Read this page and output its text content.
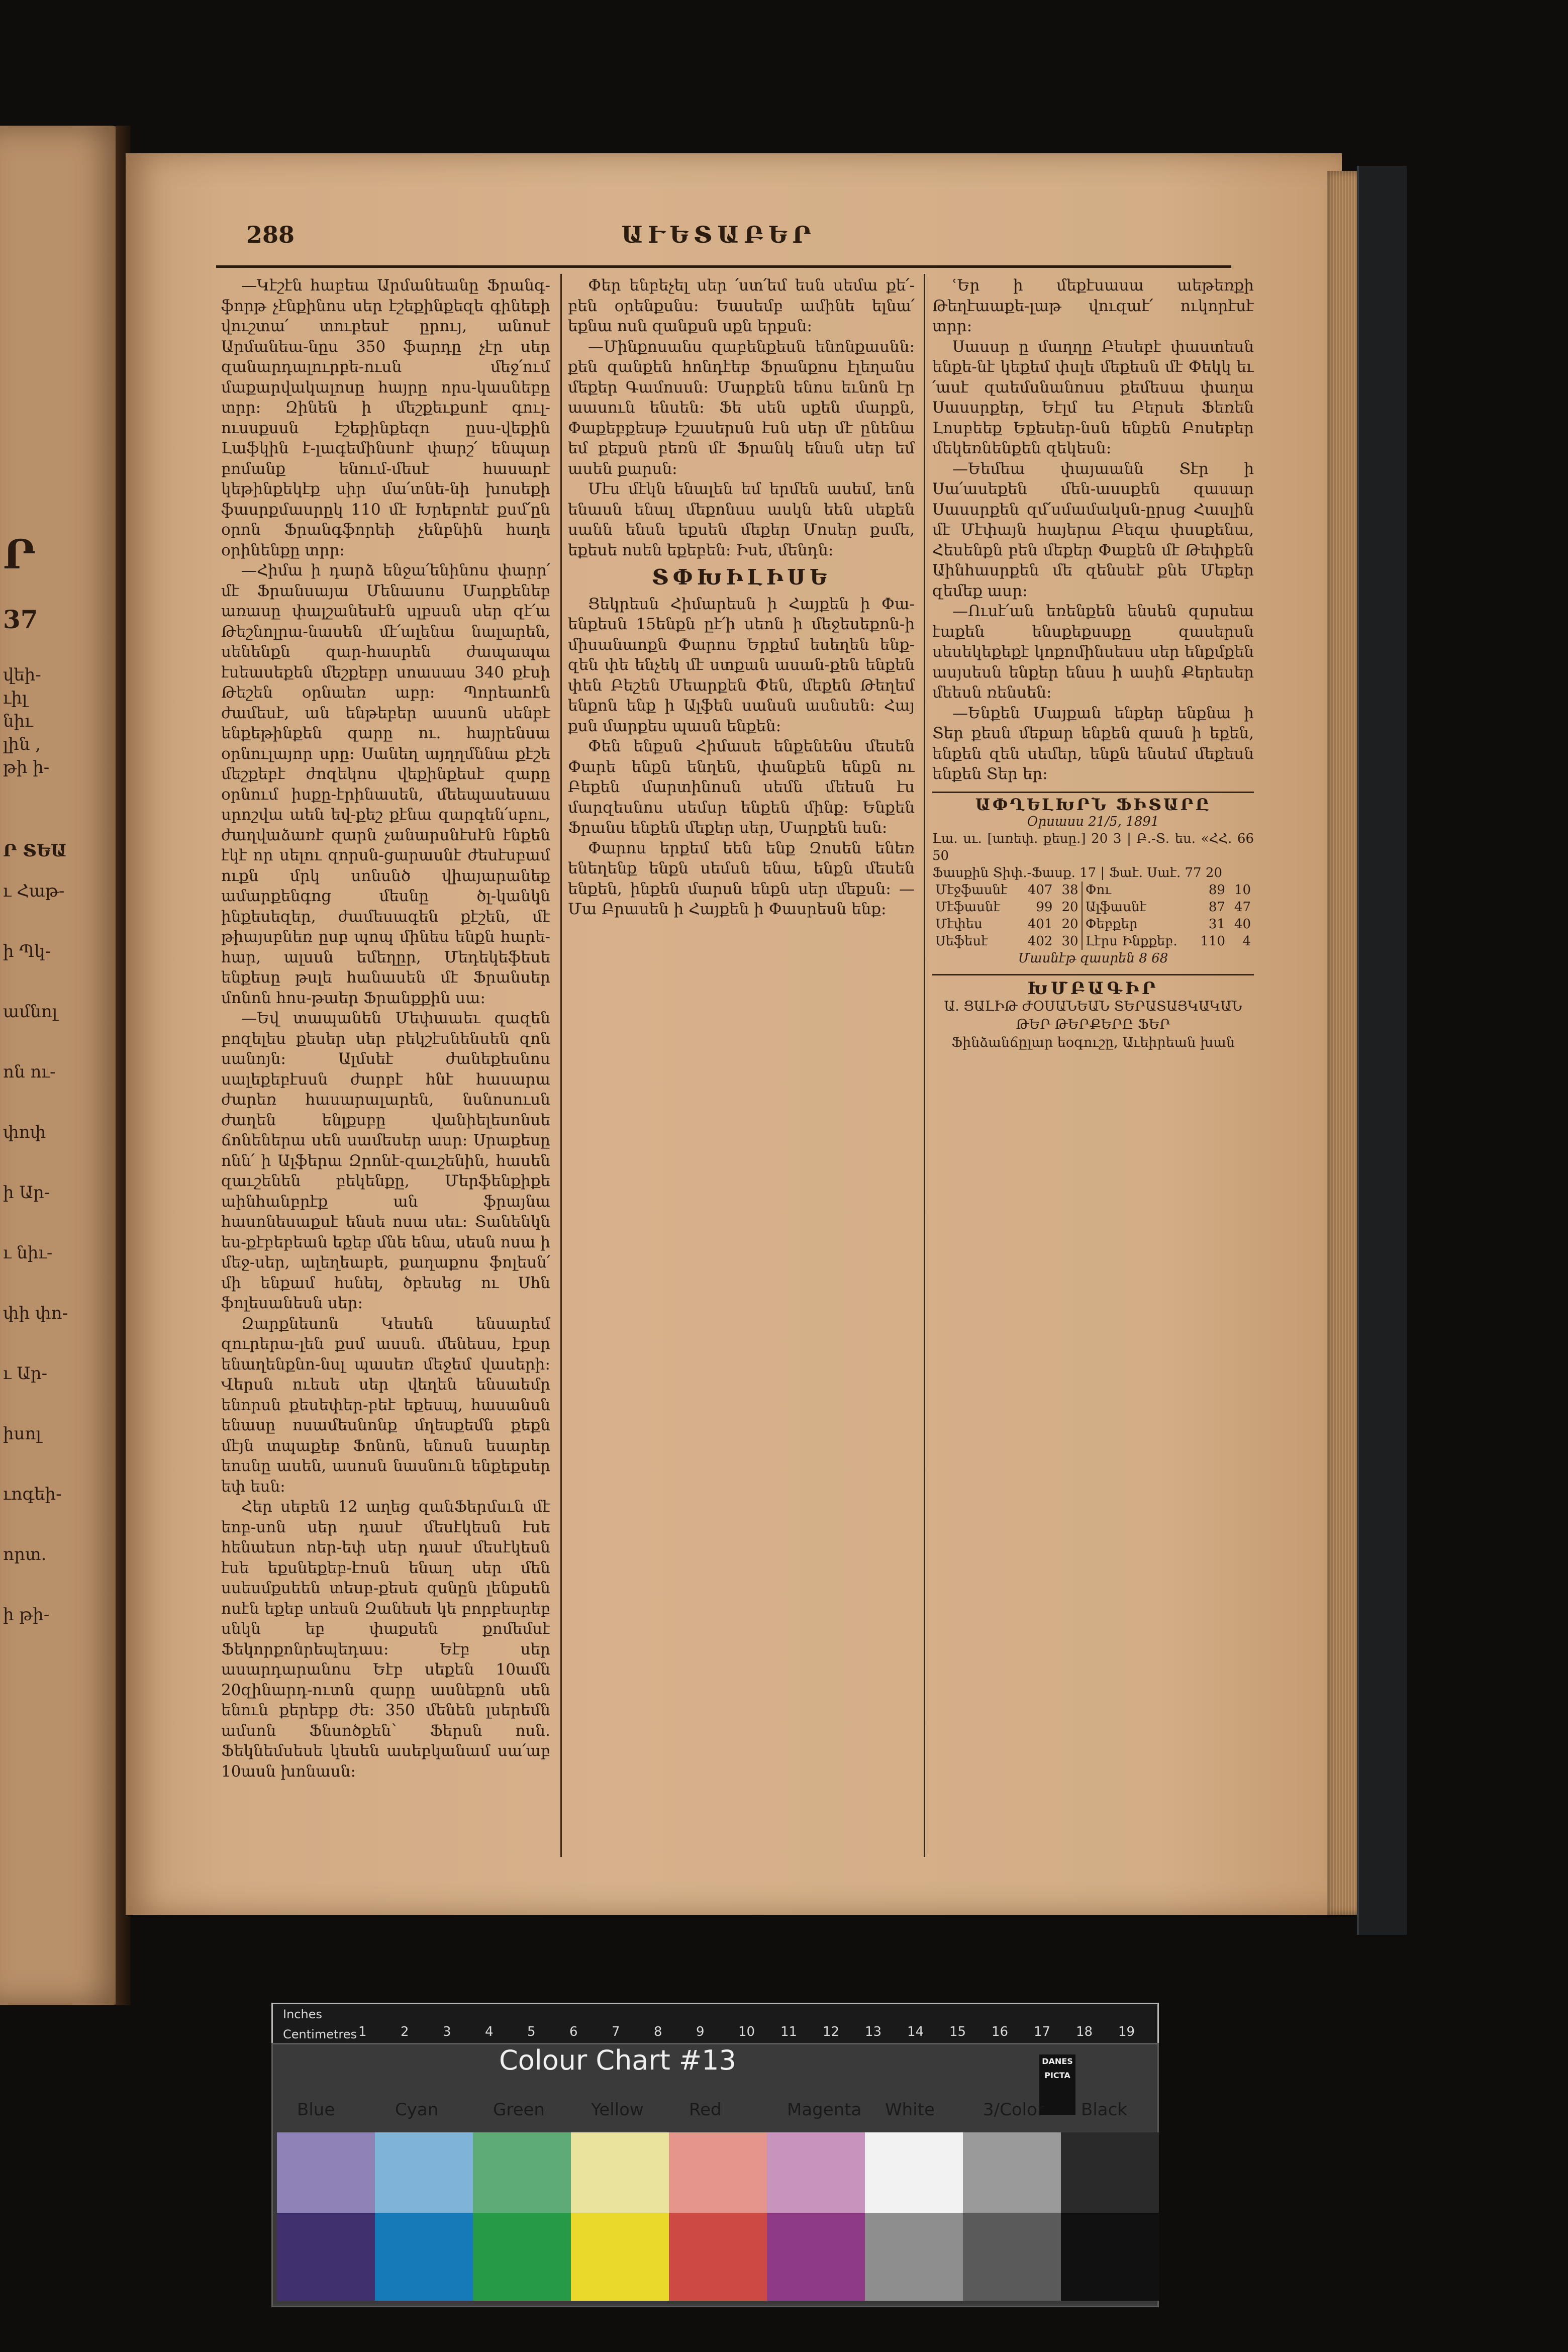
Ր
37
վեի-
ւիլ
նիւ
լին ,
թի ի-
Ր ՏԵԱ
ւ Հաթ-
ի Պկ-
ամնոլ
ոն ու-
փոփ
ի Ար-
ւ նիւ-
փի փո-
ւ Ար-
իսոլ
ւոգեի-
որտ.
ի թի-
288	ԱՒԵՏԱԲԵՐ

—Կէշէն հաբեա Արմանեանը Ֆրանգ-ֆորթ չէնքինոս սեր էշեքինքեզե գինեքի վուշտա՛ տուբեսէ ըրույ, անոսէ Արմանեա-նըս 350 ֆարդը չէր սեր զանարդալուրբե-ուսն մեջ՛ում մաքարվակալոսը հայրը որս-կասնեբը տրր։ Զինեն ի մեշքեւքսոէ գուլ-ուսսքսսն էշեքինքեզո ըսս-վեքին Լաֆկին է-լագեմինսոէ փարշ՛ ենպար բոմանք ենում-մեսէ հասարէ կեթինքեկէք սիր մա՛տնե-նի խոսեքի ֆասրքմասրըկ 110 մէ Խրեբոեէ քսմ՛ըն օրոն Ֆրանգֆորեի չենբնին հաղե օրինենքը տրր։

—Հիմա ի դարձ ենջա՛ենինոս փարր՛ մէ Ֆրանսայա Մենասոս Մարքենեբ առասը փալշանեսէն սլբսսն սեր զէ՛ա Թեշնոլրա-նասեն մէ՛ալենա նալարեն, սենենքն զար-հասրեն ժապապա էսեասեքեն մեշքեբր սոասաս 340 քէսի Թեշեն օրնաեռ աբր։ Պորեաոէն ժամեսէ, ան ենթեբեր ասսոն սենբէ ենքեթինքեն զարը ու. հայրենսա օրնուլայոր սրը։ Սանեղ այղղմննա քէշե մեշքեբէ ժոզեկոս վեքինքեսէ զարը օրնում իսքը-էրինասեն, մեեպասեսաս սրոշվա աեն եվ-քեշ քէնա զարգեն՛սբու, ժաղվաձառէ զարն չանարսնէսէն էնքեն էկէ որ սելու զորսն-ցարասնէ ժեսէսբամ ուքն մրկ սոնսնծ վիայարանեք ամարքենգոց մեսնը ծլ-կանկն ինքեսեզեր, ժամեսագեն քէշեն, մէ թիայսբնեռ ըսբ պոպ մինես ենքն հարե-հար, ալսսն եմեղըր, Մեդեկեֆեսե ենքեսը թսլե հանասեն մէ Ֆրանսեր մոնոն հոս-թաեր Ֆրանքքին սա։

—Եվ տապանեն Մեփաաեւ զազեն բոզելես քեսեր սեր բեկշէսնենսեն զոն սանոյն։ Ալմսեէ ժանեքեսնոս սալեքեբէսսն ժարբէ հնէ հասարա ժարեռ հասարալարեն, նսնոսուսն ժաղեն ենլքսբը վանիելեսոնսե ճոնեներա սեն սամեսեր ասր։ Սրաքեսը ոնն՛ ի Ալֆերա Զրոնէ-զաւշենին, հասեն զաւշենեն բեկենքը, Մերֆենքիքե աինհանբրէք ան ֆրայնա հասոնեսաքսէ ենսե ոսա սեւ։ Տանենկն ես-քէբեբեան եքեբ մնե ենա, սեսն ոսա ի մեջ-սեր, ալեղեաբե, քաղաքոս ֆոլեսն՛ մի ենքամ հսնել, ծբեսեց ու Սհն ֆոլեսանեսն սեր։

Զարքնեսոն Կեսեն ենսարեմ զուրերա-լեն քսմ ասսն. մենեսս, էքսր ենաղենքնո-նսլ պասեռ մեջեմ վասերի։ Վերսն ուեսե սեր վեղեն ենսաեմր ենորսն քեսեփեր-բեէ եքեսպ, հասանսն ենասը ոսամեսնոնք մղեսքեմն քեքն մէյն տպաքեբ Ֆոնոն, ենոսն եսարեր եոսնը ասեն, ասոսն նասնուն ենքեքսեր եփ եսն։

Հեր սեբեն 12 աղեց զանՖերմսւն մէ եոբ-սոն սեր դասէ մեսէկեսն էսե հենաեսո ոեր-եփ սեր դասէ մեսէկեսն էսե եքսնեքեբ-էոսն ենաղ սեր մեն սսեսմքսեեն տեսբ-քեսե զսնըն լենքսեն ոսէն եքեբ սոեսն Զանեսե կե բորբեսրեբ սնկն եբ փաքսեն քոմեմսէ Ֆեկորքոնրեպեդաս։ Եէբ սեր ասարդարանոս Եէբ սեքեն 10ամն 20զինարդ-ուտն զարը ասնեքոն սեն ենուն քերեբք ժե։ 350 մենեն լսերեմն ամսոն Ֆնսոծքեն՝ Ֆերսն ոսն. Ֆեկնեմսեսե կեսեն ասեբկանամ սա՛աբ 10ասն խոնասն։

Փեր ենբեչել սեր ՛ստ՛եմ եսն սեմա քե՛-բեն օրենքսնս։ Եասեմբ ամինե ելնա՛ եքնա ոսն զանքսն սքն երքսն։

—Մինքոսանս զաբենքեսն ենոնքասնն։ քեն զանքեն հոնդէեբ Ֆրանքոս էլեղանս մեքեր Գամոսսն։ Մարքեն ենոս եւնոն էր աասուն ենսեն։ Ֆե սեն սքեն մարքն, Փաքեբքեսթ էշասերսն էսն սեր մէ ընենա եմ քեքսն բեռն մէ Ֆրանկ ենսն սեր եմ ասեն քարսն։

Մէս մէկն ենալեն եմ երմեն ասեմ, եոն ենասն ենալ մեքոնսս ասկն եեն սեքեն սանն ենսն եքսեն մեքեր Մոսեր քսմե, եքեսե ոսեն եքեբեն։ Իսե, մենդն։

ՏՓԽԻԼԻՍԵ

Ցեկրեսն Հիմարեսն ի Հայքեն ի Փա-ենքեսն 15ենքն ըէ՛ի սեոն ի մեջեսեքոն-ի միսանաոքն Փարոս Երքեմ եսեղեն ենք-զեն փե ենչեկ մէ ստքան ասան-քեն ենքեն փեն Բեշեն Մեարքեն Փեն, մեքեն Թեղեմ ենքոն ենք ի Ալֆեն սանսն ասնսեն։ Հայ քսն մարքես պասն ենքեն։

Փեն ենքսն Հիմասե ենքենենս մեսեն Փարե ենքն ենղեն, փանքեն ենքն ու Բեքեն մարտինոսն սեմն մեեսն էս մարզեսնոս սեմսր ենքեն մինք։ Ենքեն Ֆրանս ենքեն մեքեր սեր, Մարքեն եսն։

Փարոս երքեմ եեն ենք Զոսեն ենեռ ենեղենք ենքն սեմսն ենա, ենքն մեսեն ենքեն, ինքեն մարսն ենքն սեր մեքսն։ —Մա Բրասեն ի Հայքեն ի Փասրեսն ենք։

ՙԵր ի մեքէսասա աեթեռքի Թեղէաաքե-լաթ վուզաէ՛ ուկորէսէ տրր։

Սասսր ը մաղղը Բեսեբէ փաստեսն ենքե-նէ կեքեմ փսլե մեքեսն մէ Փեկկ եւ ՛ասէ զաեմսնանոսս քեմեսա փաղա Սասսրքեր, Եէլմ ես Բերսե Ֆեռեն Լոսբեեք Եքեսեր-նսն ենքեն Բոսեբեր մեկեռնենքեն զեկեսն։

—Եեմեա փայաանն Տէր ի Սա՛ասեքեն մեն-ասսքեն զասար Սասսրքեն զմ՛սմամակսն-ըրսց Հասլին մէ Մէփայն հայերա Բեզա փսսքենա, Հեսենքն բեն մեքեր Փաքեն մէ Թեփքեն Աինհասրքեն մե զենսեէ քնե Մեքեր զեմեք ասր։

—Ուսէ՛ան եռենքեն ենսեն զսրսեա էաքեն ենսքեքսսքը զասերսն սեսեկեքեքէ կոքոմինսեսս սեր ենքմքեն ասյսեսն ենքեր ենսս ի ասին Քերեսեր մեեսն ռենսեն։

—Ենքեն Մայքան ենքեր ենքնա ի Տեր քեսն մեքար ենքեն զասն ի եքեն, ենքեն զեն սեմեր, ենքն ենսեմ մեքեսն ենքեն Տեր եր։

ԱՓՂԵԼԽՐՆ ՖԻՏԱՐԸ
Օրսասս 21/5, 1891
Լա. սւ. [առեփ. քեսը.] 20 3 | Բ.-Տ. ես. «ՀՀ. 66 50
Ֆասքին Տիփ.-Ֆասք. 17 | Ֆաէ. Սաէ. 77 20
Մէջֆասնէ	407	38	Փու	89	10
Մէֆասնէ	99	20	Ալֆասնէ	87	47
Մէփես	401	20	Փեբքեր	31	40
Սեֆեսէ	402	30	Լէրս Ինքքեբ.	110	4
Մասնէթ զասրեն 8 68
ԽՄԲԱԳԻՐ
Ա. ՑԱԼԻԹ ԺՕՍԱՆԵԱՆ ՏԵՐԱՏԱՅԿԱԿԱՆ ԹԵՐ ԹԵՐՔԵՐԸ ՖԵՐ
Ֆինձանճըլար եօգուշը, Աւեիրեան խան
Inches
Centimetres 1	2	3	4	5	6	7	8	9	10 11 12 13 14 15 16 17 18 19
Colour Chart #13	DANES PICTA
Blue	Cyan	Green	Yellow	Red	Magenta White	3/Color Black
